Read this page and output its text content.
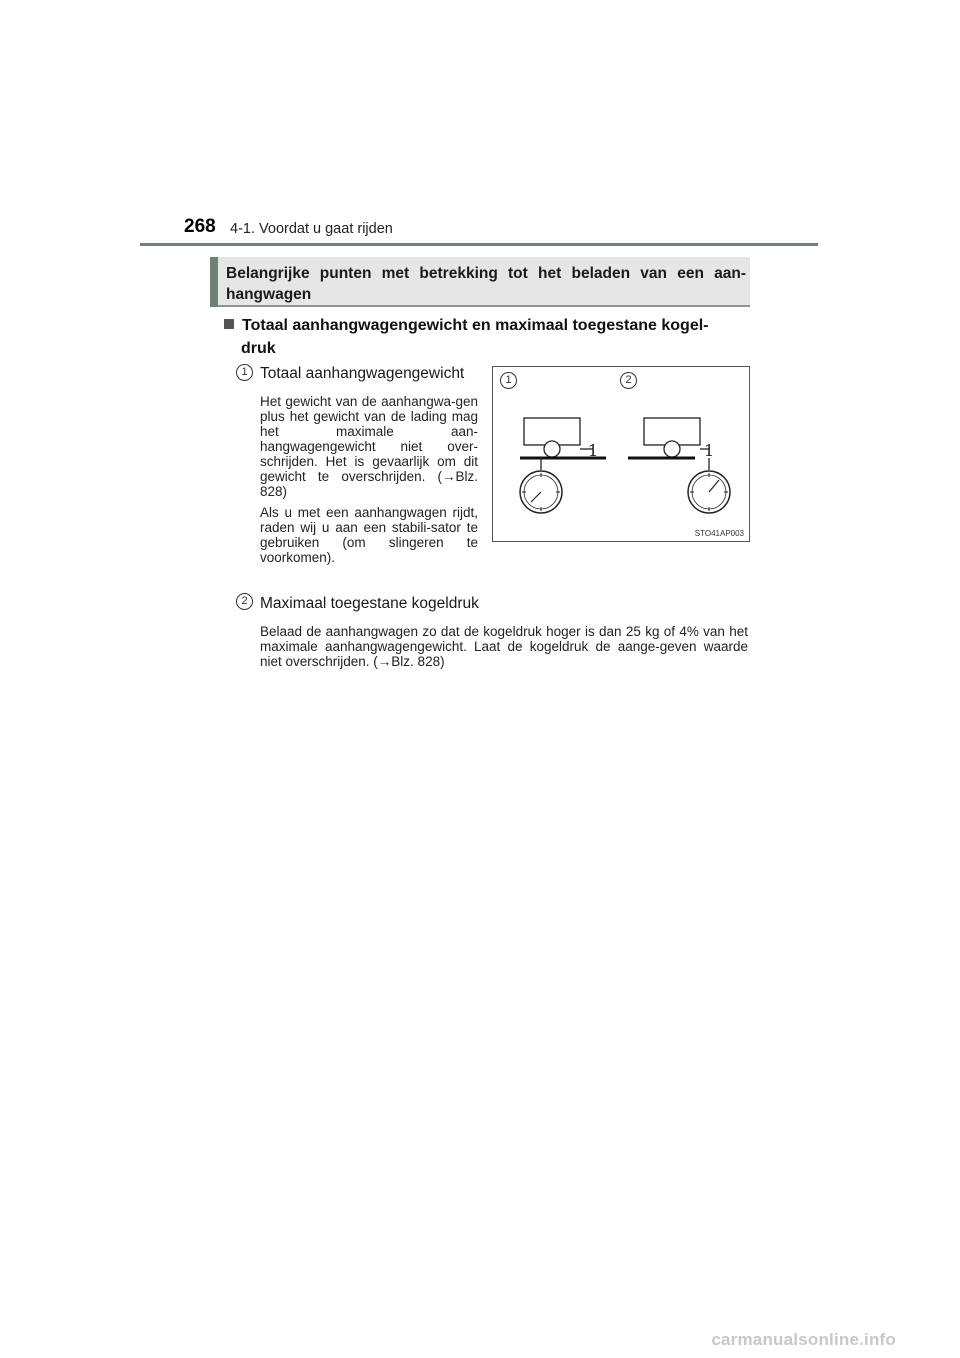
268 4-1. Voordat u gaat rijden
Belangrijke punten met betrekking tot het beladen van een aan-hangwagen
Totaal aanhangwagengewicht en maximaal toegestane kogel-
druk
1 Totaal aanhangwagengewicht

Het gewicht van de aanhangwa-gen plus het gewicht van de lading mag het maximale aan-hangwagengewicht niet over-schrijden. Het is gevaarlijk om dit gewicht te overschrijden. (→Blz. 828)

Als u met een aanhangwagen rijdt, raden wij u aan een stabili-sator te gebruiken (om slingeren te voorkomen).

1	2
1	1
STO41AP003
2 Maximaal toegestane kogeldruk

Belaad de aanhangwagen zo dat de kogeldruk hoger is dan 25 kg of 4% van het maximale aanhangwagengewicht. Laat de kogeldruk de aange-geven waarde niet overschrijden. (→Blz. 828)

carmanualsonline.info
